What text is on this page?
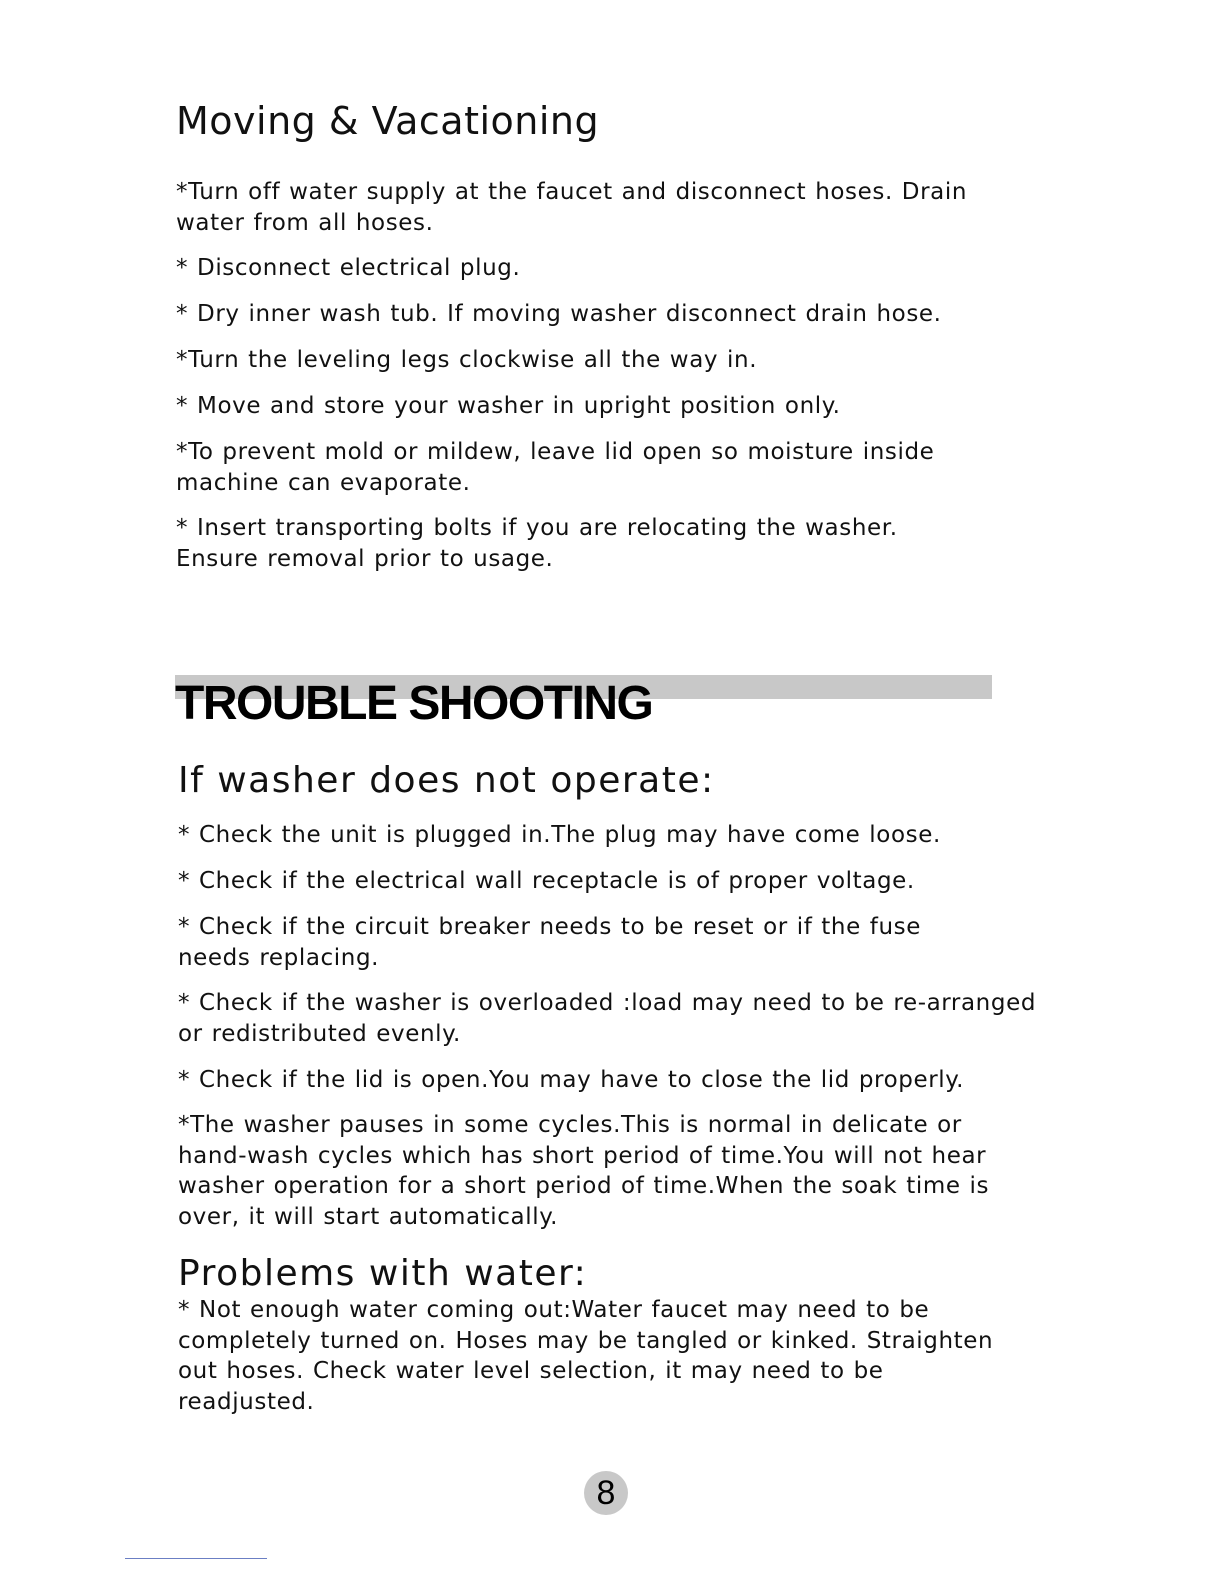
Moving & Vacationing

*Turn off water supply at the faucet and disconnect hoses. Drain water from all hoses.

* Disconnect electrical plug.

* Dry inner wash tub. If moving washer disconnect drain hose.

*Turn the leveling legs clockwise all the way in.

* Move and store your washer in upright position only.

*To prevent mold or mildew, leave lid open so moisture inside machine can evaporate.

* Insert transporting bolts if you are relocating the washer. Ensure removal prior to usage.

TROUBLE SHOOTING
If washer does not operate:

* Check the unit is plugged in.The plug may have come loose.

* Check if the electrical wall receptacle is of proper voltage.

* Check if the circuit breaker needs to be reset or if the fuse needs replacing.

* Check if the washer is overloaded :load may need to be re-arranged or redistributed evenly.

* Check if the lid is open.You may have to close the lid properly.

*The washer pauses in some cycles.This is normal in delicate or hand-wash cycles which has short period of time.You will not hear washer operation for a short period of time.When the soak time is over, it will start automatically.

Problems with water:

* Not enough water coming out:Water faucet may need to be completely turned on. Hoses may be tangled or kinked. Straighten out hoses. Check water level selection, it may need to be readjusted.

8
